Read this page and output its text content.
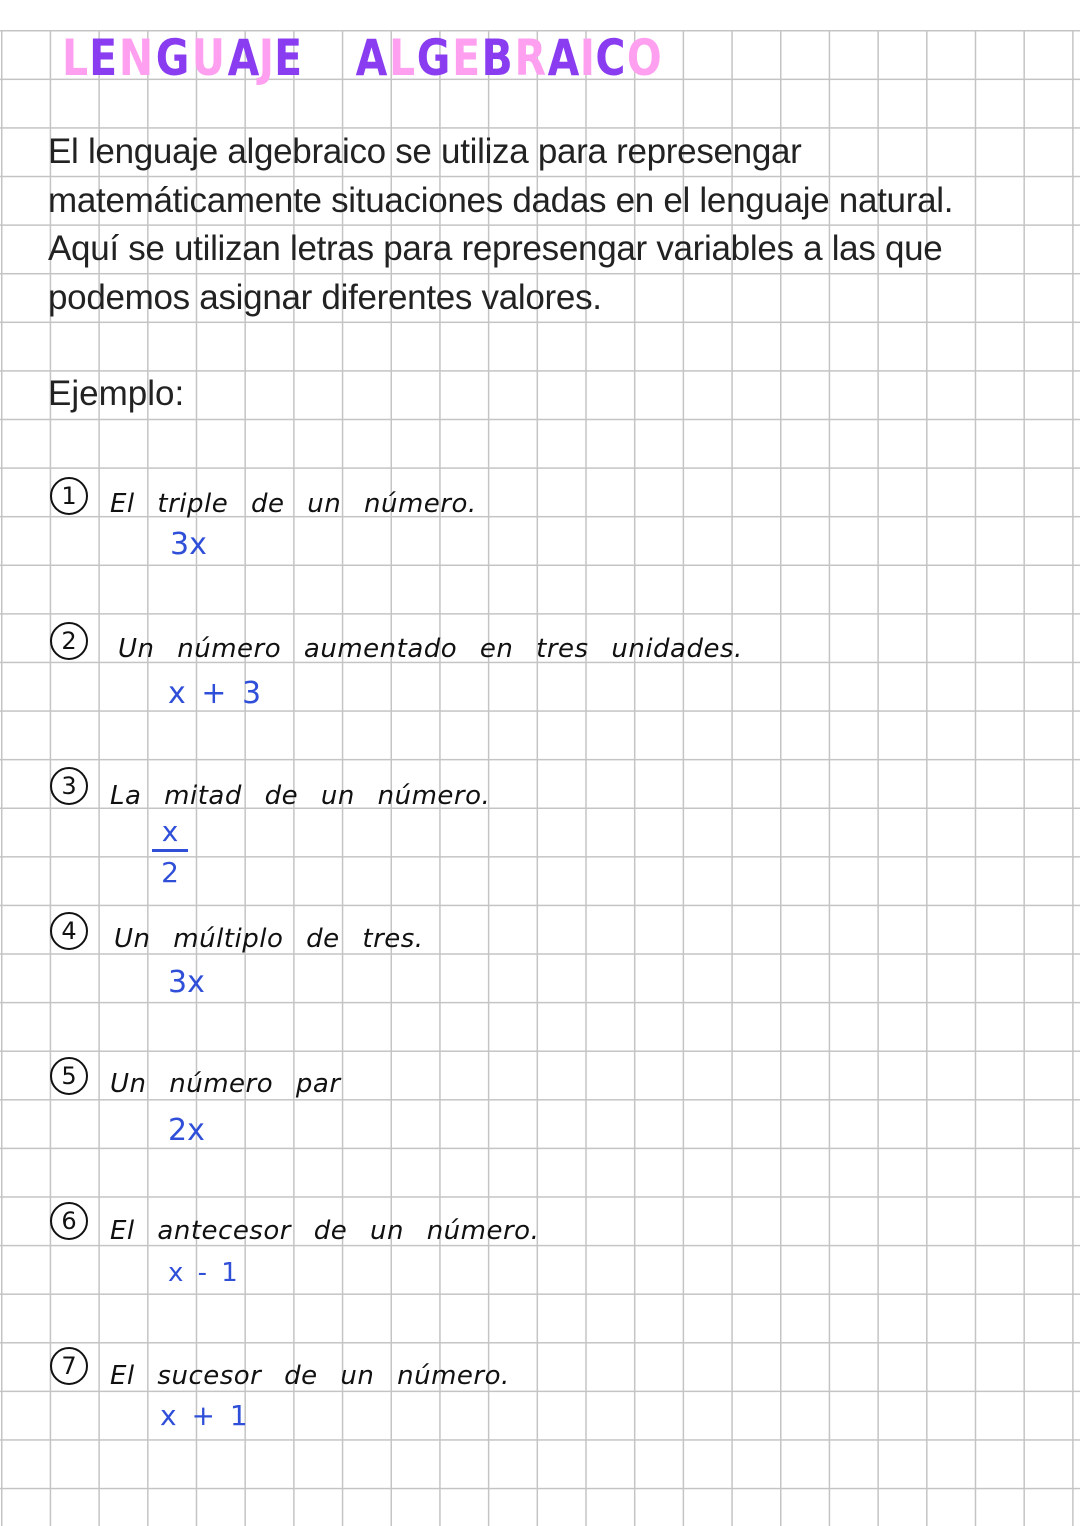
L E N G U A J
E A L G E B R A I C O
El lenguaje algebraico se utiliza para represengar
matemáticamente situaciones dadas en el lenguaje natural.
Aquí se utilizan letras para represengar variables a las que
podemos asignar diferentes valores.
Ejemplo:
1	El triple de un número.
3x
2	Un número aumentado en tres unidades.
x + 3
3	La mitad de un número.
x
2
4	Un múltiplo de tres.
3x
5	Un número par
2x
6	El antecesor de un número.
x - 1
7	El sucesor de un número.
x + 1
